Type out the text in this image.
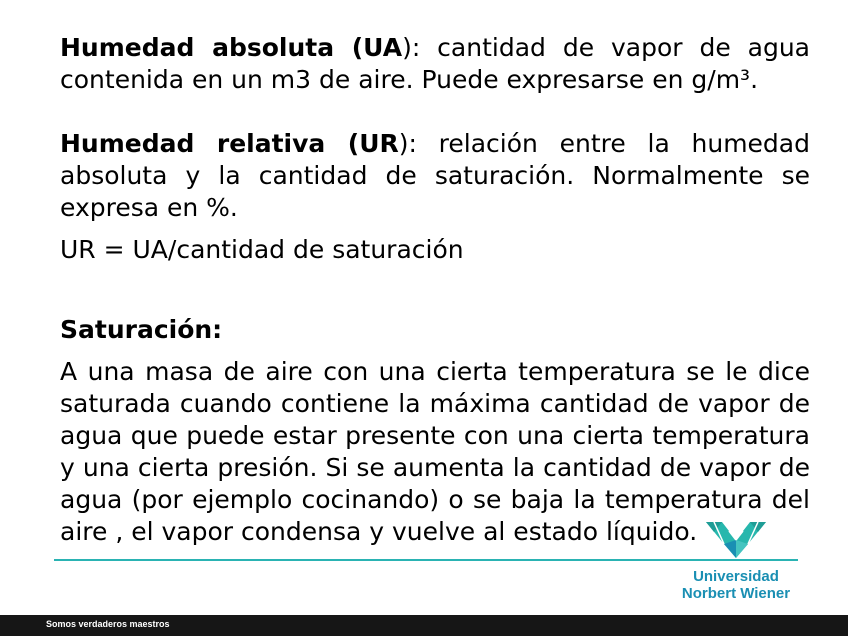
Humedad absoluta (UA): cantidad de vapor de agua contenida en un m3 de aire. Puede expresarse en g/m³.

Humedad relativa (UR): relación entre la humedad absoluta y la cantidad de saturación. Normalmente se expresa en %.

UR = UA/cantidad de saturación

Saturación:

A una masa de aire con una cierta temperatura se le dice saturada cuando contiene la máxima cantidad de vapor de agua que puede estar presente con una cierta temperatura y una cierta presión. Si se aumenta la cantidad de vapor de agua (por ejemplo cocinando) o se baja la temperatura del aire , el vapor condensa y vuelve al estado líquido.

Universidad
Norbert Wiener
Somos verdaderos maestros
